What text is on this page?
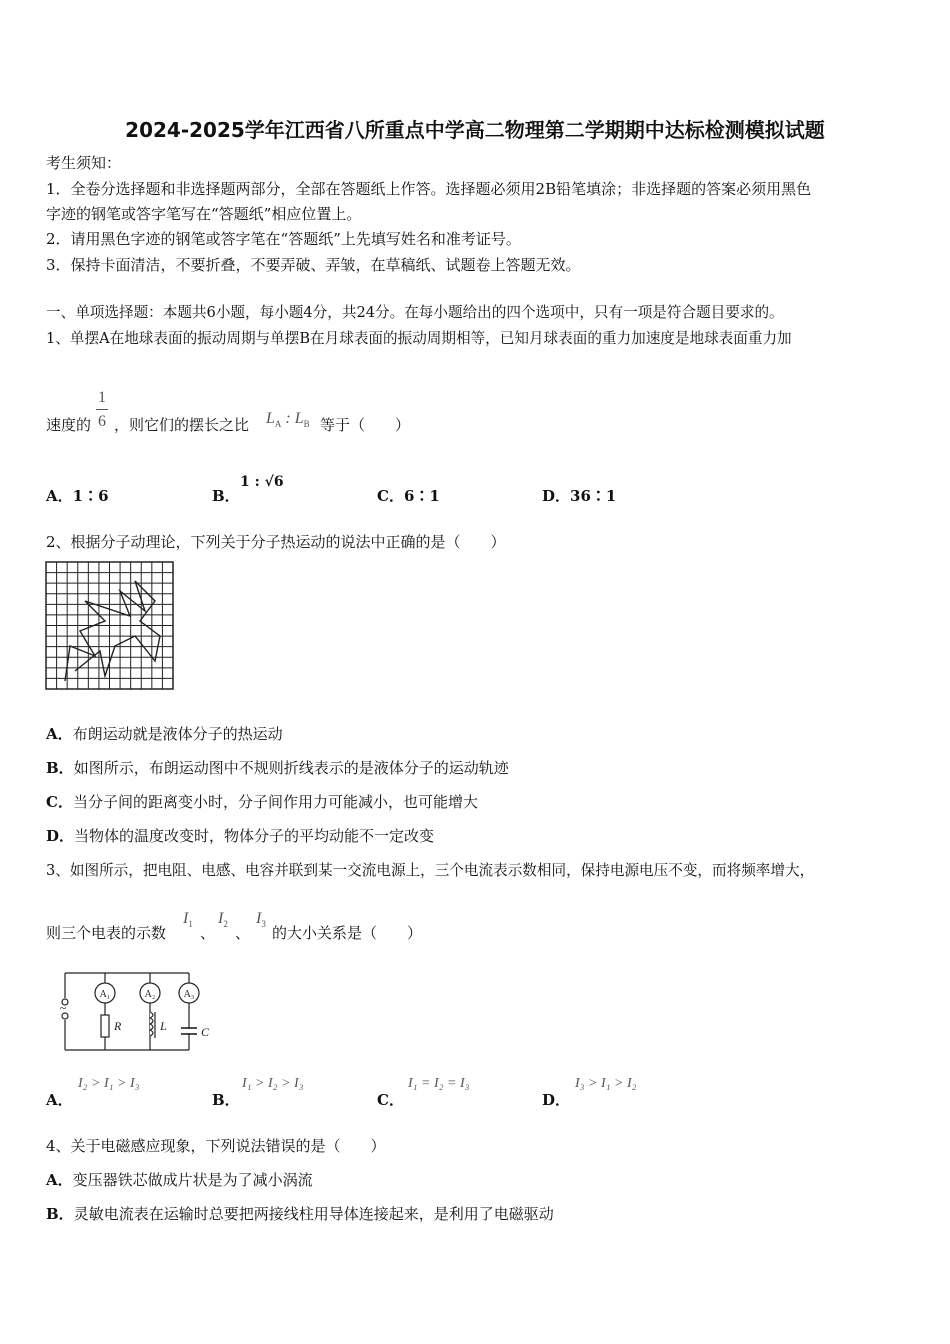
2024-2025学年江西省八所重点中学高二物理第二学期期中达标检测模拟试题
考生须知：
1．全卷分选择题和非选择题两部分，全部在答题纸上作答。选择题必须用2B铅笔填涂；非选择题的答案必须用黑色
字迹的钢笔或答字笔写在“答题纸”相应位置上。
2．请用黑色字迹的钢笔或答字笔在“答题纸”上先填写姓名和准考证号。
3．保持卡面清洁，不要折叠，不要弄破、弄皱，在草稿纸、试题卷上答题无效。
一、单项选择题：本题共6小题，每小题4分，共24分。在每小题给出的四个选项中，只有一项是符合题目要求的。
1、单摆A在地球表面的振动周期与单摆B在月球表面的振动周期相等，已知月球表面的重力加速度是地球表面重力加
速度的
1
6 ，则它们的摆长之比 $L_A$ : $L_B$ 等于（　　）
A．1∶6	B．
1 : √6
C．6∶1	D．36∶1
2、根据分子动理论，下列关于分子热运动的说法中正确的是（　　）
A．布朗运动就是液体分子的热运动
B．如图所示，布朗运动图中不规则折线表示的是液体分子的运动轨迹
C．当分子间的距离变小时，分子间作用力可能减小，也可能增大
D．当物体的温度改变时，物体分子的平均动能不一定改变
3、如图所示，把电阻、电感、电容并联到某一交流电源上，三个电流表示数相同，保持电源电压不变，而将频率增大，
则三个电表的示数
$I_1$ 、
$I_2$ 、
$I_3$ 的大小关系是（　　）
A₁	A₂	A₃
~
R	L	C
A．
I₂ > I₁ > I₃
B．
I₁ > I₂ > I₃
C．
I₁ = I₂ = I₃
D．
I₃ > I₁ > I₂
4、关于电磁感应现象，下列说法错误的是（　　）
A．变压器铁芯做成片状是为了减小涡流
B．灵敏电流表在运输时总要把两接线柱用导体连接起来，是利用了电磁驱动
